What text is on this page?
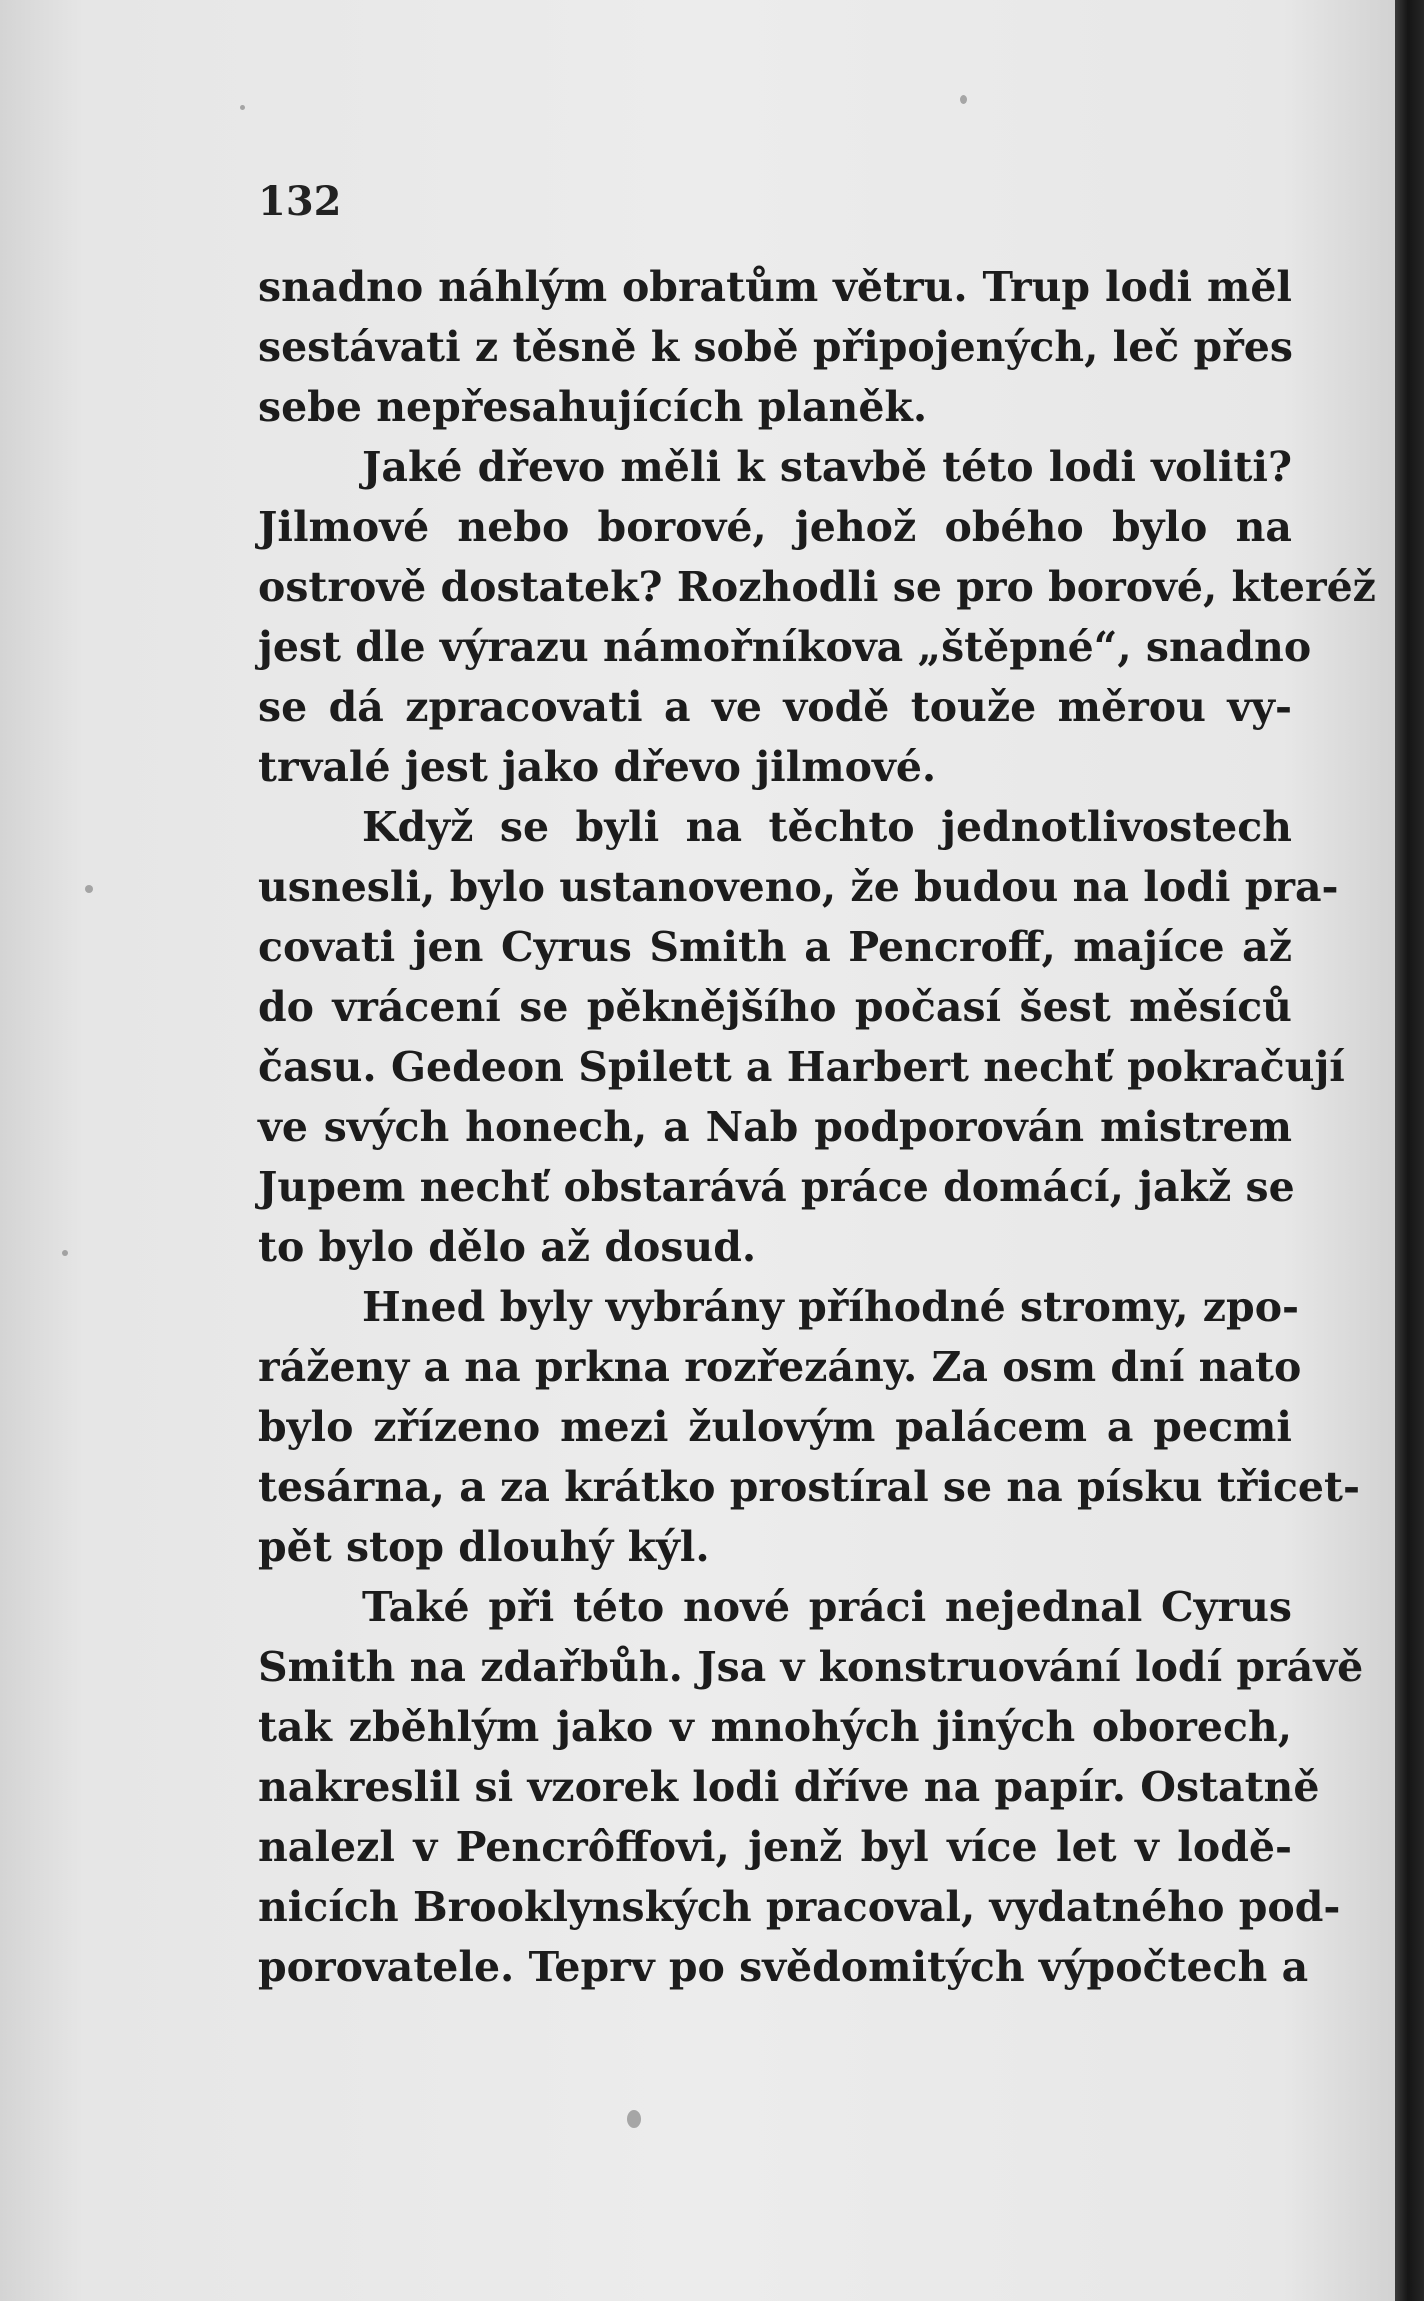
132
snadno náhlým obratům větru. Trup lodi měl
sestávati z těsně k sobě připojených, leč přes
sebe nepřesahujících planěk.
Jaké dřevo měli k stavbě této lodi voliti?
Jilmové nebo borové, jehož obého bylo na
ostrově dostatek? Rozhodli se pro borové, kteréž
jest dle výrazu námořníkova „štěpné“, snadno
se dá zpracovati a ve vodě touže měrou vy-
trvalé jest jako dřevo jilmové.
Když se byli na těchto jednotlivostech
usnesli, bylo ustanoveno, že budou na lodi pra-
covati jen Cyrus Smith a Pencroff, majíce až
do vrácení se pěknějšího počasí šest měsíců
času. Gedeon Spilett a Harbert nechť pokračují
ve svých honech, a Nab podporován mistrem
Jupem nechť obstarává práce domácí, jakž se
to bylo dělo až dosud.
Hned byly vybrány příhodné stromy, zpo-
ráženy a na prkna rozřezány. Za osm dní nato
bylo zřízeno mezi žulovým palácem a pecmi
tesárna, a za krátko prostíral se na písku třicet-
pět stop dlouhý kýl.
Také při této nové práci nejednal Cyrus
Smith na zdařbůh. Jsa v konstruování lodí právě
tak zběhlým jako v mnohých jiných oborech,
nakreslil si vzorek lodi dříve na papír. Ostatně
nalezl v Pencrôffovi, jenž byl více let v lodě-
nicích Brooklynských pracoval, vydatného pod-
porovatele. Teprv po svědomitých výpočtech a
